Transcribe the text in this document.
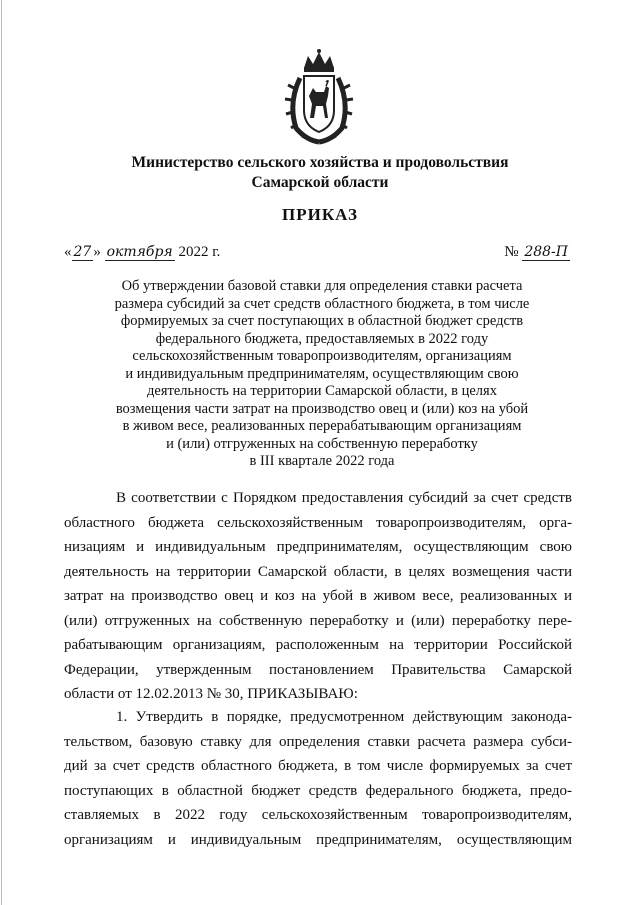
Министерство сельского хозяйства и продовольствия
Самарской области
ПРИКАЗ
« 27 » октября 2022 г.	№ 288-П
Об утверждении базовой ставки для определения ставки расчета
размера субсидий за счет средств областного бюджета, в том числе
формируемых за счет поступающих в областной бюджет средств
федерального бюджета, предоставляемых в 2022 году
сельскохозяйственным товаропроизводителям, организациям
и индивидуальным предпринимателям, осуществляющим свою
деятельность на территории Самарской области, в целях
возмещения части затрат на производство овец и (или) коз на убой
в живом весе, реализованных перерабатывающим организациям
и (или) отгруженных на собственную переработку
в III квартале 2022 года
В соответствии с Порядком предоставления субсидий за счет средств
областного бюджета сельскохозяйственным товаропроизводителям, орга-
низациям и индивидуальным предпринимателям, осуществляющим свою
деятельность на территории Самарской области, в целях возмещения части
затрат на производство овец и коз на убой в живом весе, реализованных и
(или) отгруженных на собственную переработку и (или) переработку пере-
рабатывающим организациям, расположенным на территории Российской
Федерации, утвержденным постановлением Правительства Самарской
области от 12.02.2013 № 30, ПРИКАЗЫВАЮ:
1. Утвердить в порядке, предусмотренном действующим законода-
тельством, базовую ставку для определения ставки расчета размера субси-
дий за счет средств областного бюджета, в том числе формируемых за счет
поступающих в областной бюджет средств федерального бюджета, предо-
ставляемых в 2022 году сельскохозяйственным товаропроизводителям,
организациям и индивидуальным предпринимателям, осуществляющим
